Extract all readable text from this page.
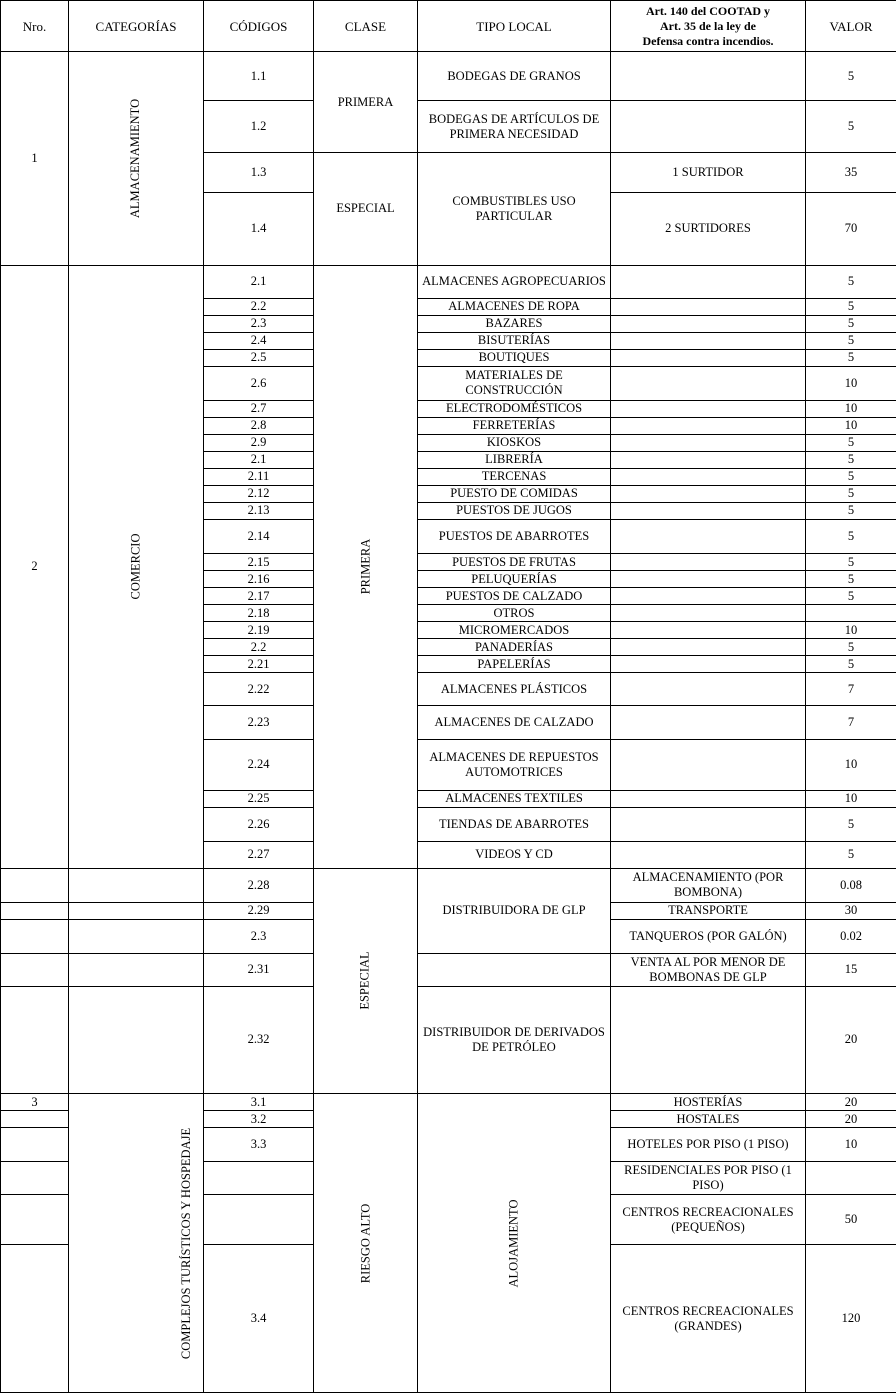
Nro.	CATEGORÍAS	CÓDIGOS	CLASE	TIPO LOCAL	Art. 140 del COOTAD y
Art. 35 de la ley de
Defensa contra incendios.	VALOR
1	ALMACENAMIENTO	1.1	PRIMERA	BODEGAS DE GRANOS		5
		1.2		BODEGAS DE ARTÍCULOS DE PRIMERA NECESIDAD		5
		1.3	ESPECIAL	COMBUSTIBLES USO PARTICULAR	1 SURTIDOR	35
		1.4			2 SURTIDORES	70
2	COMERCIO	2.1	PRIMERA	ALMACENES AGROPECUARIOS		5
		2.2		ALMACENES DE ROPA		5
		2.3		BAZARES		5
		2.4		BISUTERÍAS		5
		2.5		BOUTIQUES		5
		2.6		MATERIALES DE CONSTRUCCIÓN		10
		2.7		ELECTRODOMÉSTICOS		10
		2.8		FERRETERÍAS		10
		2.9		KIOSKOS		5
		2.1		LIBRERÍA		5
		2.11		TERCENAS		5
		2.12		PUESTO DE COMIDAS		5
		2.13		PUESTOS DE JUGOS		5
		2.14		PUESTOS DE ABARROTES		5
		2.15		PUESTOS DE FRUTAS		5
		2.16		PELUQUERÍAS		5
		2.17		PUESTOS DE CALZADO		5
		2.18		OTROS		
		2.19		MICROMERCADOS		10
		2.2		PANADERÍAS		5
		2.21		PAPELERÍAS		5
		2.22		ALMACENES PLÁSTICOS		7
		2.23		ALMACENES DE CALZADO		7
		2.24		ALMACENES DE REPUESTOS AUTOMOTRICES		10
		2.25		ALMACENES TEXTILES		10
		2.26		TIENDAS DE ABARROTES		5
		2.27		VIDEOS Y CD		5
		2.28	ESPECIAL	DISTRIBUIDORA DE GLP	ALMACENAMIENTO (POR BOMBONA)	0.08
		2.29			TRANSPORTE	30
		2.3			TANQUEROS (POR GALÓN)	0.02
		2.31			VENTA AL POR MENOR DE BOMBONAS DE GLP	15
		2.32		DISTRIBUIDOR DE DERIVADOS DE PETRÓLEO		20
3	COMPLEJOS TURÍSTICOS Y HOSPEDAJE	3.1	RIESGO ALTO	ALOJAMIENTO	HOSTERÍAS	20
		3.2			HOSTALES	20
		3.3			HOTELES POR PISO (1 PISO)	10
					RESIDENCIALES POR PISO (1 PISO)	
					CENTROS RECREACIONALES (PEQUEÑOS)	50
		3.4			CENTROS RECREACIONALES (GRANDES)	120
